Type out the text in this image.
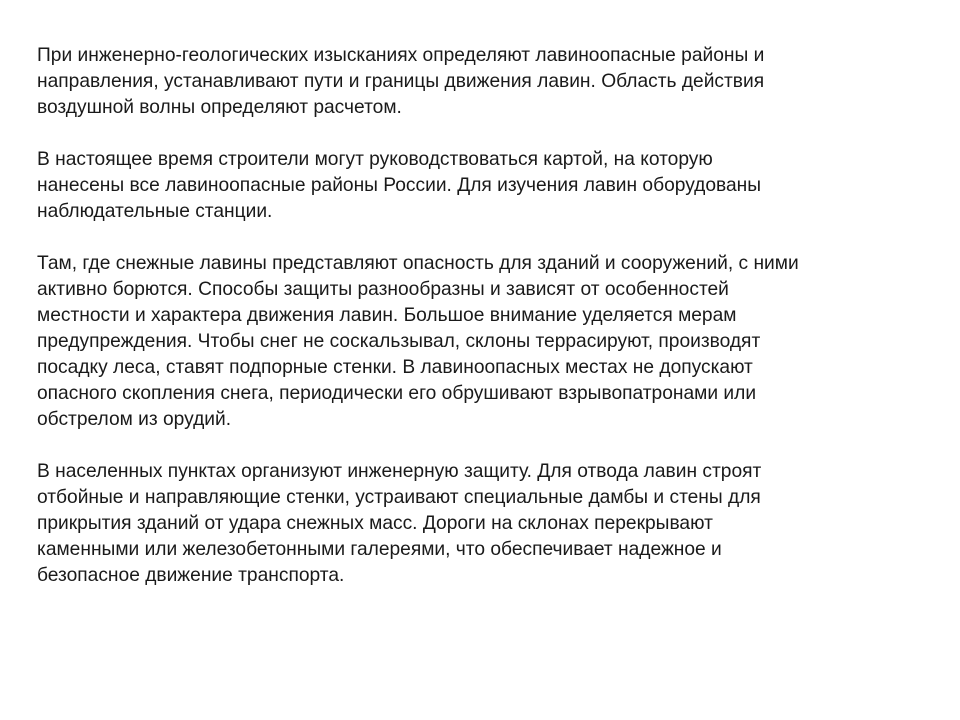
При инженерно-геологических изысканиях определяют лавиноопасные районы и
направления, устанавливают пути и границы движения лавин. Область действия
воздушной волны определяют расчетом.

В настоящее время строители могут руководствоваться картой, на которую
нанесены все лавиноопасные районы России. Для изучения лавин оборудованы
наблюдательные станции.

Там, где снежные лавины представляют опасность для зданий и сооружений, с ними
активно борются. Способы защиты разнообразны и зависят от особенностей
местности и характера движения лавин. Большое внимание уделяется мерам
предупреждения. Чтобы снег не соскальзывал, склоны террасируют, производят
посадку леса, ставят подпорные стенки. В лавиноопасных местах не допускают
опасного скопления снега, периодически его обрушивают взрывопатронами или
обстрелом из орудий.

В населенных пунктах организуют инженерную защиту. Для отвода лавин строят
отбойные и направляющие стенки, устраивают специальные дамбы и стены для
прикрытия зданий от удара снежных масс. Дороги на склонах перекрывают
каменными или железобетонными галереями, что обеспечивает надежное и
безопасное движение транспорта.
